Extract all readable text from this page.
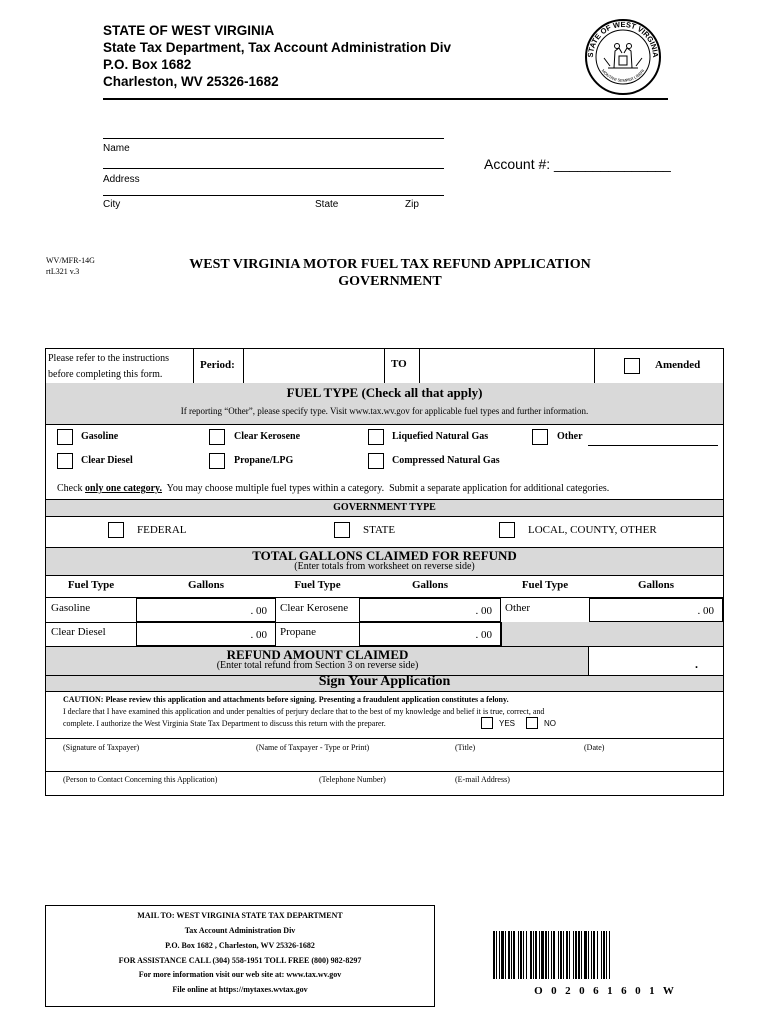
STATE OF WEST VIRGINIA
State Tax Department, Tax Account Administration Div
P.O. Box 1682
Charleston, WV 25326-1682
STATE OF WEST VIRGINIA
MONTANI SEMPER LIBERI
Name
Address
City	State	Zip
Account #: _______________
WV/MFR-14G
rtL321 v.3	WEST VIRGINIA MOTOR FUEL TAX REFUND APPLICATION
GOVERNMENT
Please refer to the instructions
before completing this form.
Period:	TO	Amended
FUEL TYPE (Check all that apply)
If reporting “Other”, please specify type. Visit www.tax.wv.gov for applicable fuel types and further information.
Gasoline	Clear Kerosene	Liquefied Natural Gas	Other
Clear Diesel	Propane/LPG	Compressed Natural Gas
Check only one category.  You may choose multiple fuel types within a category.  Submit a separate application for additional categories.
GOVERNMENT TYPE
FEDERAL	STATE	LOCAL, COUNTY, OTHER
TOTAL GALLONS CLAIMED FOR REFUND
(Enter totals from worksheet on reverse side)
Fuel Type	Gallons	Fuel Type	Gallons	Fuel Type	Gallons
Gasoline	. 00 Clear Kerosene	. 00 Other	. 00
Clear Diesel	. 00 Propane	. 00
REFUND AMOUNT CLAIMED
(Enter total refund from Section 3 on reverse side)	.
Sign Your Application
CAUTION: Please review this application and attachments before signing. Presenting a fraudulent application constitutes a felony.
I declare that I have examined this application and under penalties of perjury declare that to the best of my knowledge and belief it is true, correct, and
complete. I authorize the West Virginia State Tax Department to discuss this return with the preparer.	YES	NO
(Signature of Taxpayer)	(Name of Taxpayer - Type or Print)	(Title)	(Date)
(Person to Contact Concerning this Application)	(Telephone Number)	(E-mail Address)
MAIL TO: WEST VIRGINIA STATE TAX DEPARTMENT
Tax Account Administration Div
P.O. Box 1682 , Charleston, WV 25326-1682
FOR ASSISTANCE CALL (304) 558-1951 TOLL FREE (800) 982-8297
For more information visit our web site at: www.tax.wv.gov
File online at https://mytaxes.wvtax.gov	O  0  2  0  6  1  6  0  1  W
